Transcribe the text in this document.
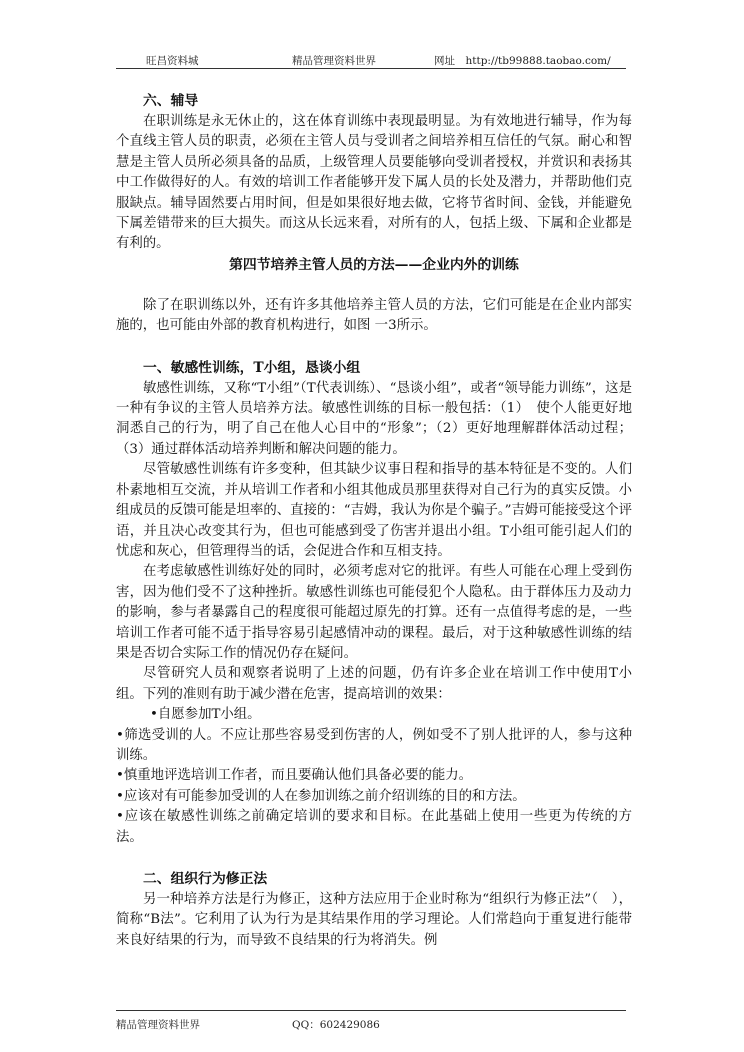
旺昌资料城	精品管理资料世界	网址　http://tb99888.taobao.com/

六、辅导

在职训练是永无休止的，这在体育训练中表现最明显。为有效地进行辅导，作为每个直线主管人员的职责，必须在主管人员与受训者之间培养相互信任的气氛。耐心和智慧是主管人员所必须具备的品质，上级管理人员要能够向受训者授权，并赏识和表扬其中工作做得好的人。有效的培训工作者能够开发下属人员的长处及潜力，并帮助他们克服缺点。辅导固然要占用时间，但是如果很好地去做，它将节省时间、金钱，并能避免下属差错带来的巨大损失。而这从长远来看，对所有的人，包括上级、下属和企业都是有利的。

第四节培养主管人员的方法——企业内外的训练

除了在职训练以外，还有许多其他培养主管人员的方法，它们可能是在企业内部实施的，也可能由外部的教育机构进行，如图 一3所示。

一、敏感性训练，T小组，恳谈小组

敏感性训练，又称“T小组”（T代表训练）、“恳谈小组”，或者“领导能力训练”，这是一种有争议的主管人员培养方法。敏感性训练的目标一般包括：（1）　使个人能更好地洞悉自己的行为，明了自己在他人心目中的“形象”；（2）更好地理解群体活动过程；（3）通过群体活动培养判断和解决问题的能力。

尽管敏感性训练有许多变种，但其缺少议事日程和指导的基本特征是不变的。人们朴素地相互交流，并从培训工作者和小组其他成员那里获得对自己行为的真实反馈。小组成员的反馈可能是坦率的、直接的：“吉姆，我认为你是个骗子。”吉姆可能接受这个评语，并且决心改变其行为，但也可能感到受了伤害并退出小组。T小组可能引起人们的忧虑和灰心，但管理得当的话，会促进合作和互相支持。

在考虑敏感性训练好处的同时，必须考虑对它的批评。有些人可能在心理上受到伤害，因为他们受不了这种挫折。敏感性训练也可能侵犯个人隐私。由于群体压力及动力的影响，参与者暴露自己的程度很可能超过原先的打算。还有一点值得考虑的是，一些培训工作者可能不适于指导容易引起感情冲动的课程。最后，对于这种敏感性训练的结果是否切合实际工作的情况仍存在疑问。

尽管研究人员和观察者说明了上述的问题，仍有许多企业在培训工作中使用T小组。下列的准则有助于减少潜在危害，提高培训的效果：

•自愿参加T小组。

•筛选受训的人。不应让那些容易受到伤害的人，例如受不了别人批评的人，参与这种训练。

•慎重地评选培训工作者，而且要确认他们具备必要的能力。

•应该对有可能参加受训的人在参加训练之前介绍训练的目的和方法。

•应该在敏感性训练之前确定培训的要求和目标。在此基础上使用一些更为传统的方法。

二、组织行为修正法

另一种培养方法是行为修正，这种方法应用于企业时称为“组织行为修正法”（　），简称“B法”。它利用了认为行为是其结果作用的学习理论。人们常趋向于重复进行能带来良好结果的行为，而导致不良结果的行为将消失。例

精品管理资料世界	QQ：602429086
